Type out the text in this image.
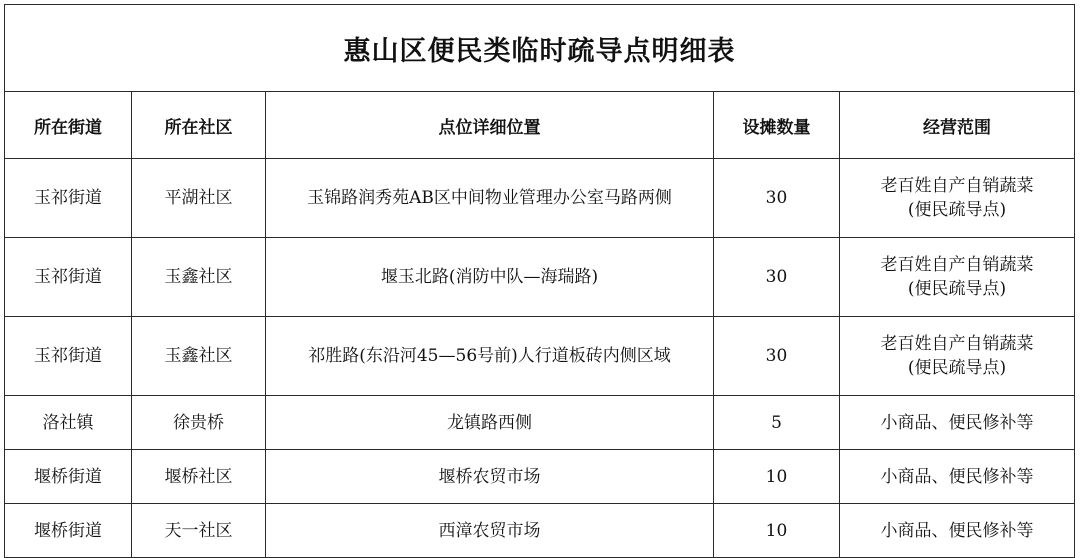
惠山区便民类临时疏导点明细表				
所在街道	所在社区	点位详细位置	设摊数量	经营范围
玉祁街道	平湖社区	玉锦路润秀苑AB区中间物业管理办公室马路两侧	30	老百姓自产自销蔬菜
(便民疏导点)

玉祁街道	玉鑫社区	堰玉北路(消防中队—海瑞路)	30	老百姓自产自销蔬菜
(便民疏导点)

玉祁街道	玉鑫社区	祁胜路(东沿河45—56号前)人行道板砖内侧区域	30	老百姓自产自销蔬菜
(便民疏导点)

洛社镇	徐贵桥	龙镇路西侧	5	小商品、便民修补等
堰桥街道	堰桥社区	堰桥农贸市场	10	小商品、便民修补等
堰桥街道	天一社区	西漳农贸市场	10	小商品、便民修补等
